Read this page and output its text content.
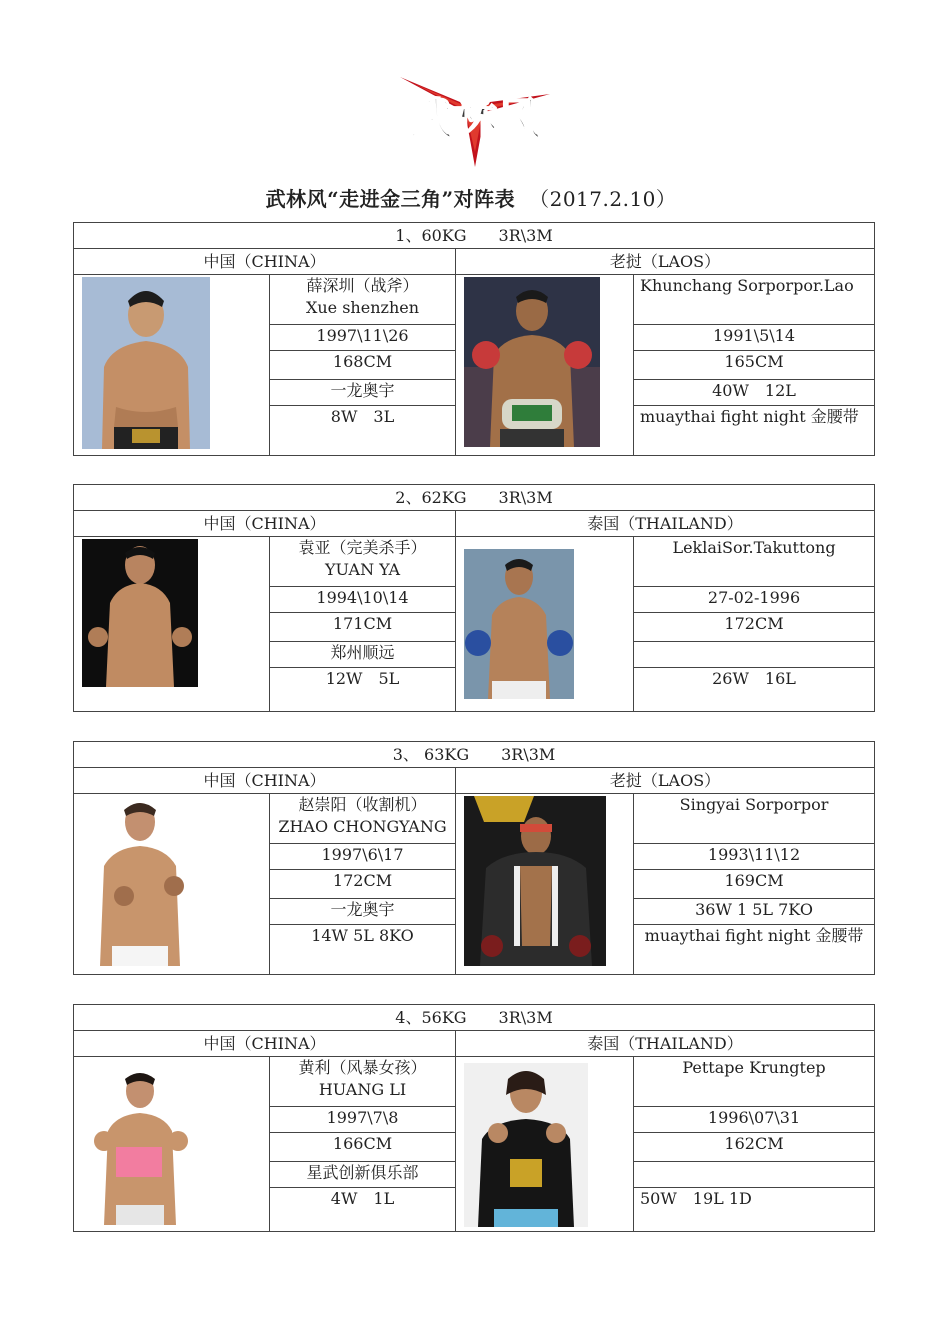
武林风
武林风“走进金三角”对阵表 （2017.2.10）
1、60KG　　3R\3M			
中国（CHINA）		老挝（LAOS）	

薛深圳（战斧）
Xue shenzhen		Khunchang Sorporpor.Lao

	1997\11\26		1991\5\14
	168CM		165CM
	一龙奥宇		40W　12L
	8W　3L		muaythai fight night 金腰带
2、62KG　　3R\3M			
中国（CHINA）		泰国（THAILAND）	

袁亚（完美杀手）
YUAN YA		LeklaiSor.Takuttong

	1994\10\14		27-02-1996
	171CM		172CM
	郑州顺远		
	12W　5L		26W　16L
3、 63KG　　3R\3M			
中国（CHINA）		老挝（LAOS）	

赵崇阳（收割机）
ZHAO CHONGYANG		Singyai Sorporpor

	1997\6\17		1993\11\12
	172CM		169CM
	一龙奥宇		36W 1 5L 7KO
	14W 5L 8KO		muaythai fight night 金腰带
4、56KG　　3R\3M			
中国（CHINA）		泰国（THAILAND）	

黄利（风暴女孩）
HUANG LI		Pettape Krungtep

	1997\7\8		1996\07\31
	166CM		162CM
	星武创新俱乐部		
	4W　1L		50W　19L 1D
